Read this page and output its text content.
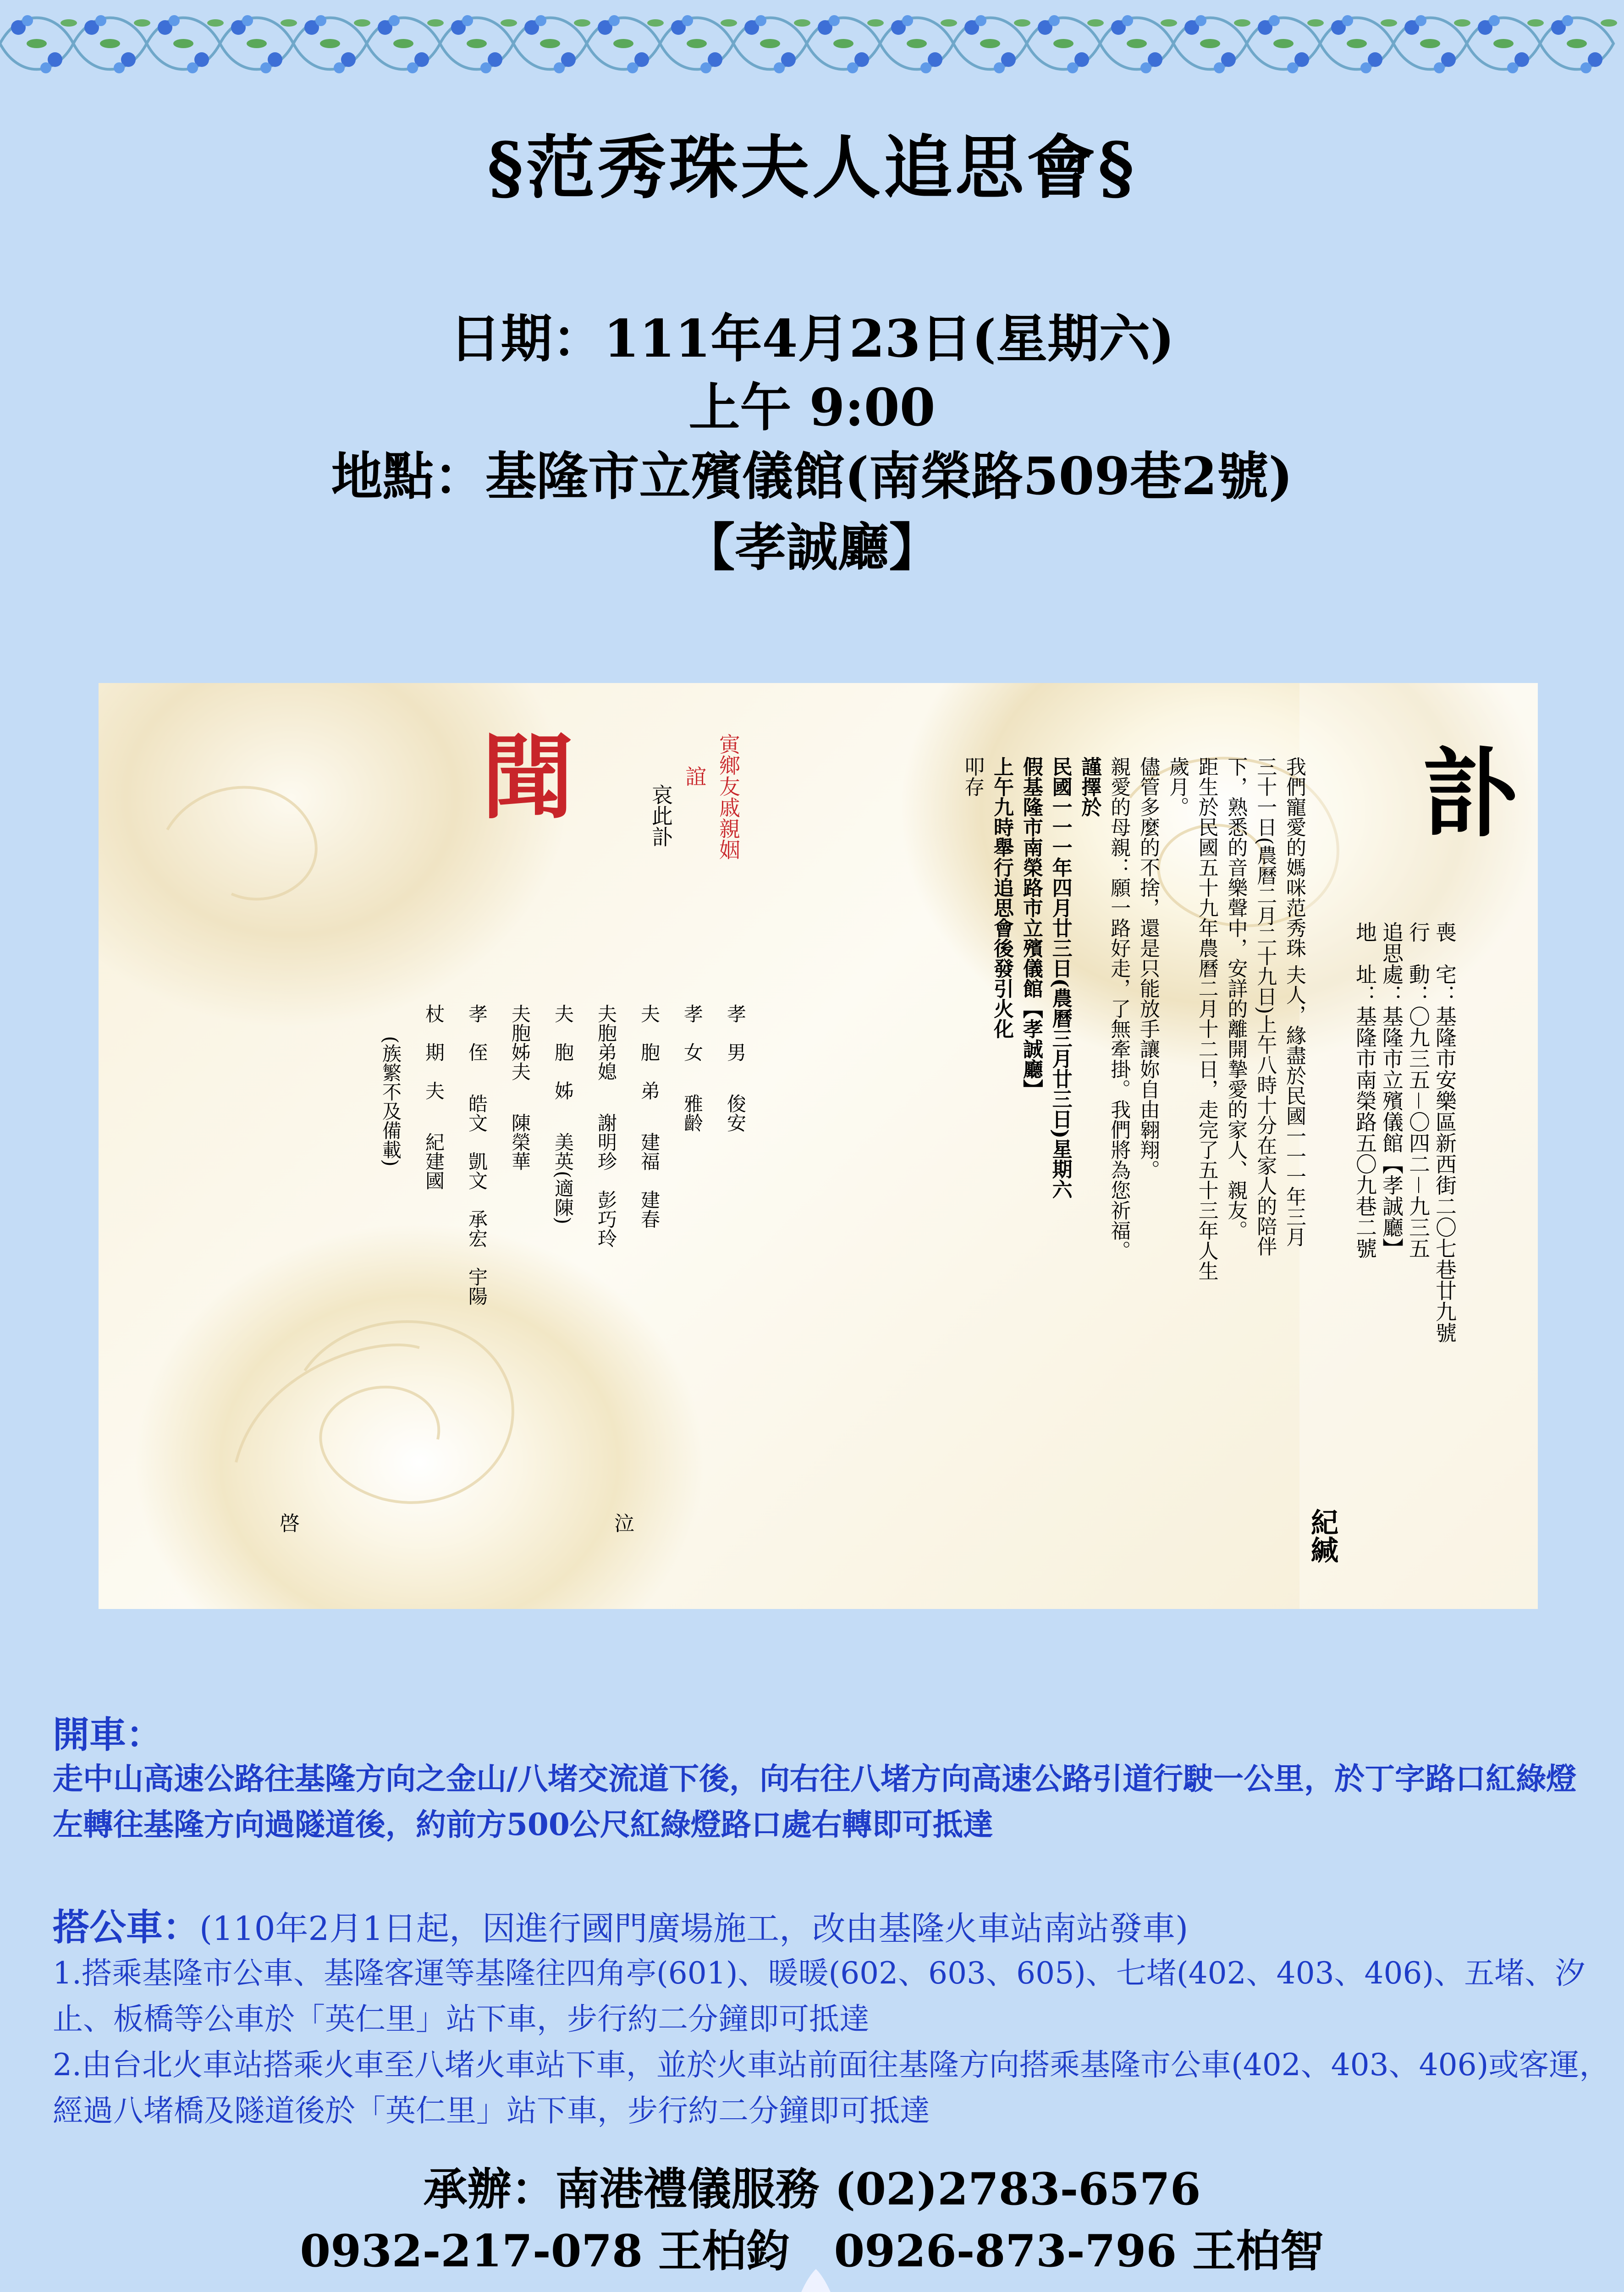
§范秀珠夫人追思會§
日期：111年4月23日(星期六)
上午 9:00
地點：基隆市立殯儀館(南榮路509巷2號)
【孝誠廳】
訃
喪　宅：基隆市安樂區新西街二〇七巷廿九號
行　動：〇九三五－〇四二－九三五
追思處：基隆市立殯儀館【孝誠廳】
地　址：基隆市南榮路五〇九巷二號
紀緘
我們寵愛的媽咪范秀珠 夫人，緣盡於民國一一一年三月
三十一日(農曆二月二十九日)上午八時十分在家人的陪伴
下，熟悉的音樂聲中，安詳的離開摯愛的家人、親友。
距生於民國五十九年農曆二月十二日，走完了五十三年人生
歲月。
儘管多麼的不捨，還是只能放手讓妳自由翱翔。
親愛的母親：願一路好走，了無牽掛。我們將為您祈福。
謹擇於
民國一一一年四月廿三日(農曆三月廿三日)星期六
假基隆市南榮路市立殯儀館【孝誠廳】
上午九時舉行追思會後發引火化
叩存
寅鄉友戚親姻
誼
哀此訃
聞
孝　男俊安
孝　女雅齡
夫　胞　弟建福　建春
夫胞弟媳謝明珍　彭巧玲
夫　胞　姊美英(適陳)
夫胞姊夫陳榮華
孝　侄皓文　凱文　承宏　宇陽
杖　期　夫紀建國
(族繁不及備載)
泣
啓
開車：
走中山高速公路往基隆方向之金山/八堵交流道下後，向右往八堵方向高速公路引道行駛一公里，於丁字路口紅綠燈左轉往基隆方向過隧道後，約前方500公尺紅綠燈路口處右轉即可抵達
搭公車：(110年2月1日起，因進行國門廣場施工，改由基隆火車站南站發車)
1.搭乘基隆市公車、基隆客運等基隆往四角亭(601)、暖暖(602、603、605)、七堵(402、403、406)、五堵、汐止、板橋等公車於「英仁里」站下車，步行約二分鐘即可抵達
2.由台北火車站搭乘火車至八堵火車站下車，並於火車站前面往基隆方向搭乘基隆市公車(402、403、406)或客運，經過八堵橋及隧道後於「英仁里」站下車，步行約二分鐘即可抵達
承辦：南港禮儀服務 (02)2783-6576
0932-217-078 王柏鈞　0926-873-796 王柏智
